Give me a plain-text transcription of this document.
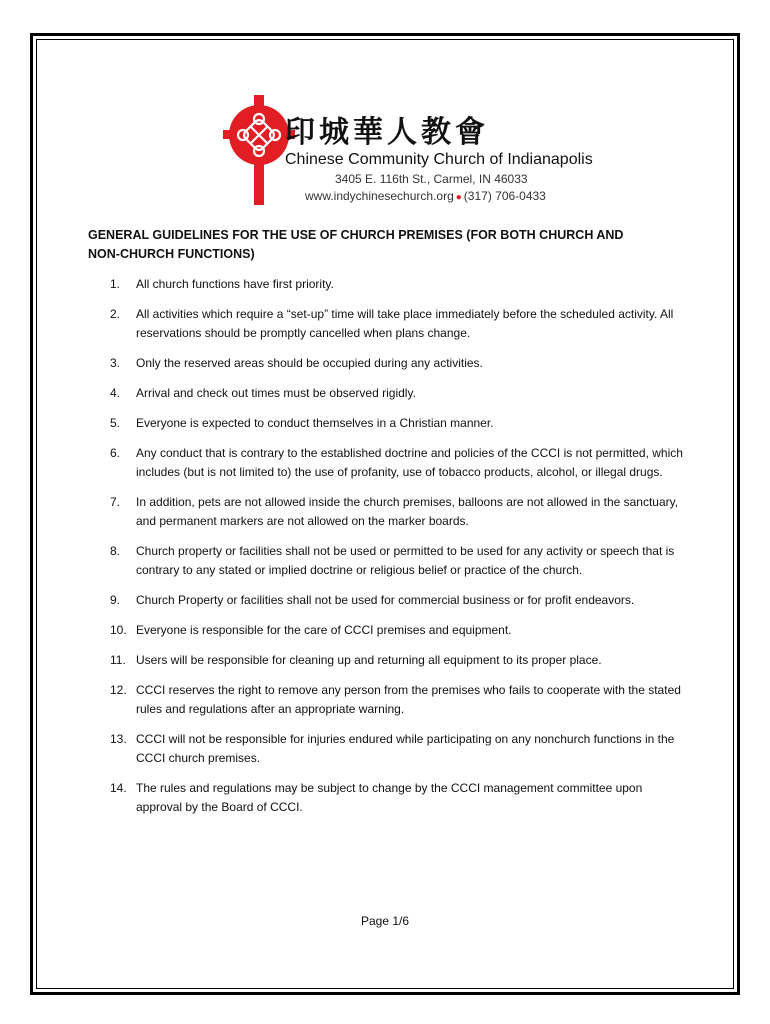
印城華人教會
Chinese Community Church of Indianapolis
3405 E. 116th St., Carmel, IN 46033
www.indychinesechurch.org ● (317) 706-0433
GENERAL GUIDELINES FOR THE USE OF CHURCH PREMISES (FOR BOTH CHURCH AND NON-CHURCH FUNCTIONS)
1. All church functions have first priority.
2. All activities which require a “set-up” time will take place immediately before the scheduled activity. All reservations should be promptly cancelled when plans change.
3. Only the reserved areas should be occupied during any activities.
4. Arrival and check out times must be observed rigidly.
5. Everyone is expected to conduct themselves in a Christian manner.
6. Any conduct that is contrary to the established doctrine and policies of the CCCI is not permitted, which includes (but is not limited to) the use of profanity, use of tobacco products, alcohol, or illegal drugs.
7. In addition, pets are not allowed inside the church premises, balloons are not allowed in the sanctuary, and permanent markers are not allowed on the marker boards.
8. Church property or facilities shall not be used or permitted to be used for any activity or speech that is contrary to any stated or implied doctrine or religious belief or practice of the church.
9. Church Property or facilities shall not be used for commercial business or for profit endeavors.
10. Everyone is responsible for the care of CCCI premises and equipment.
11. Users will be responsible for cleaning up and returning all equipment to its proper place.
12. CCCI reserves the right to remove any person from the premises who fails to cooperate with the stated rules and regulations after an appropriate warning.
13. CCCI will not be responsible for injuries endured while participating on any nonchurch functions in the CCCI church premises.
14. The rules and regulations may be subject to change by the CCCI management committee upon approval by the Board of CCCI.
Page 1/6
